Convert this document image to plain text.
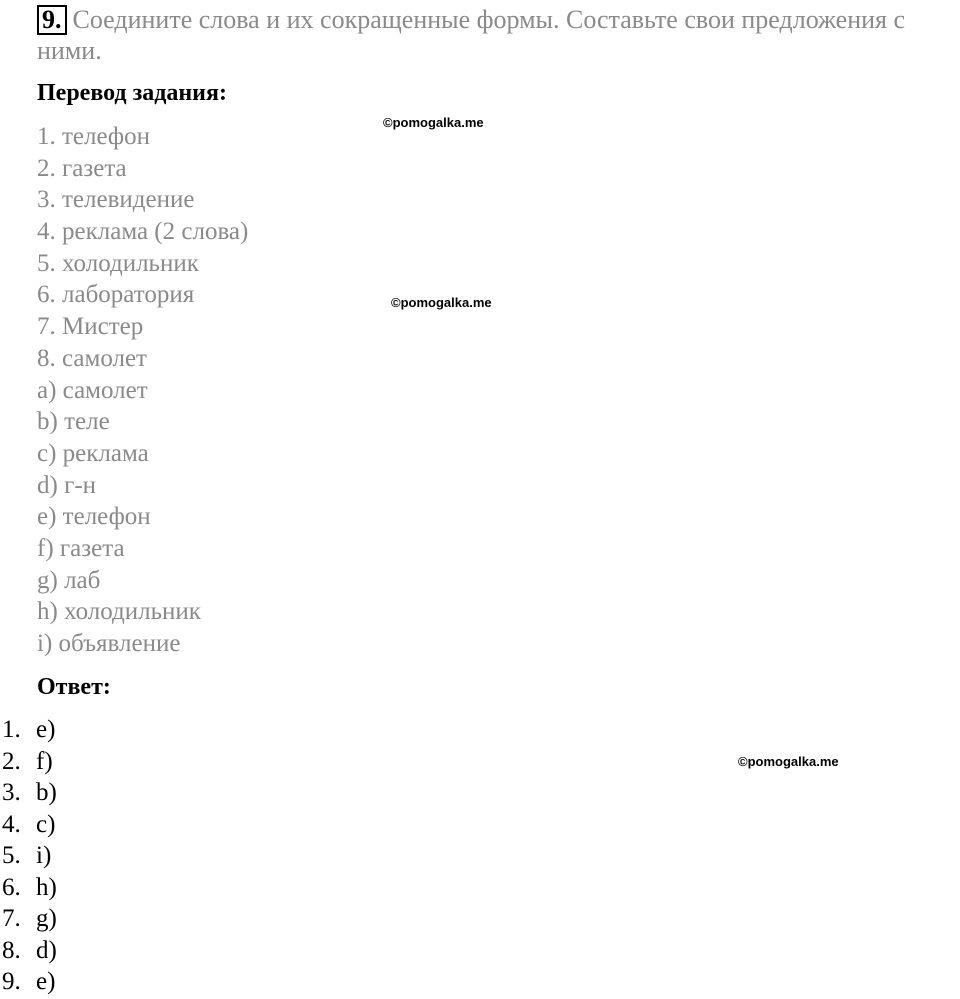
9. Соедините слова и их сокращенные формы. Составьте свои предложения с ними.
Перевод задания:
1. телефон
2. газета
3. телевидение
4. реклама (2 слова)
5. холодильник
6. лаборатория
7. Мистер
8. самолет
a) самолет
b) теле
c) реклама
d) г-н
e) телефон
f) газета
g) лаб
h) холодильник
i) объявление
Ответ:
1. e)
2. f)
3. b)
4. c)
5. i)
6. h)
7. g)
8. d)
9. e)
©pomogalka.me
©pomogalka.me
©pomogalka.me
